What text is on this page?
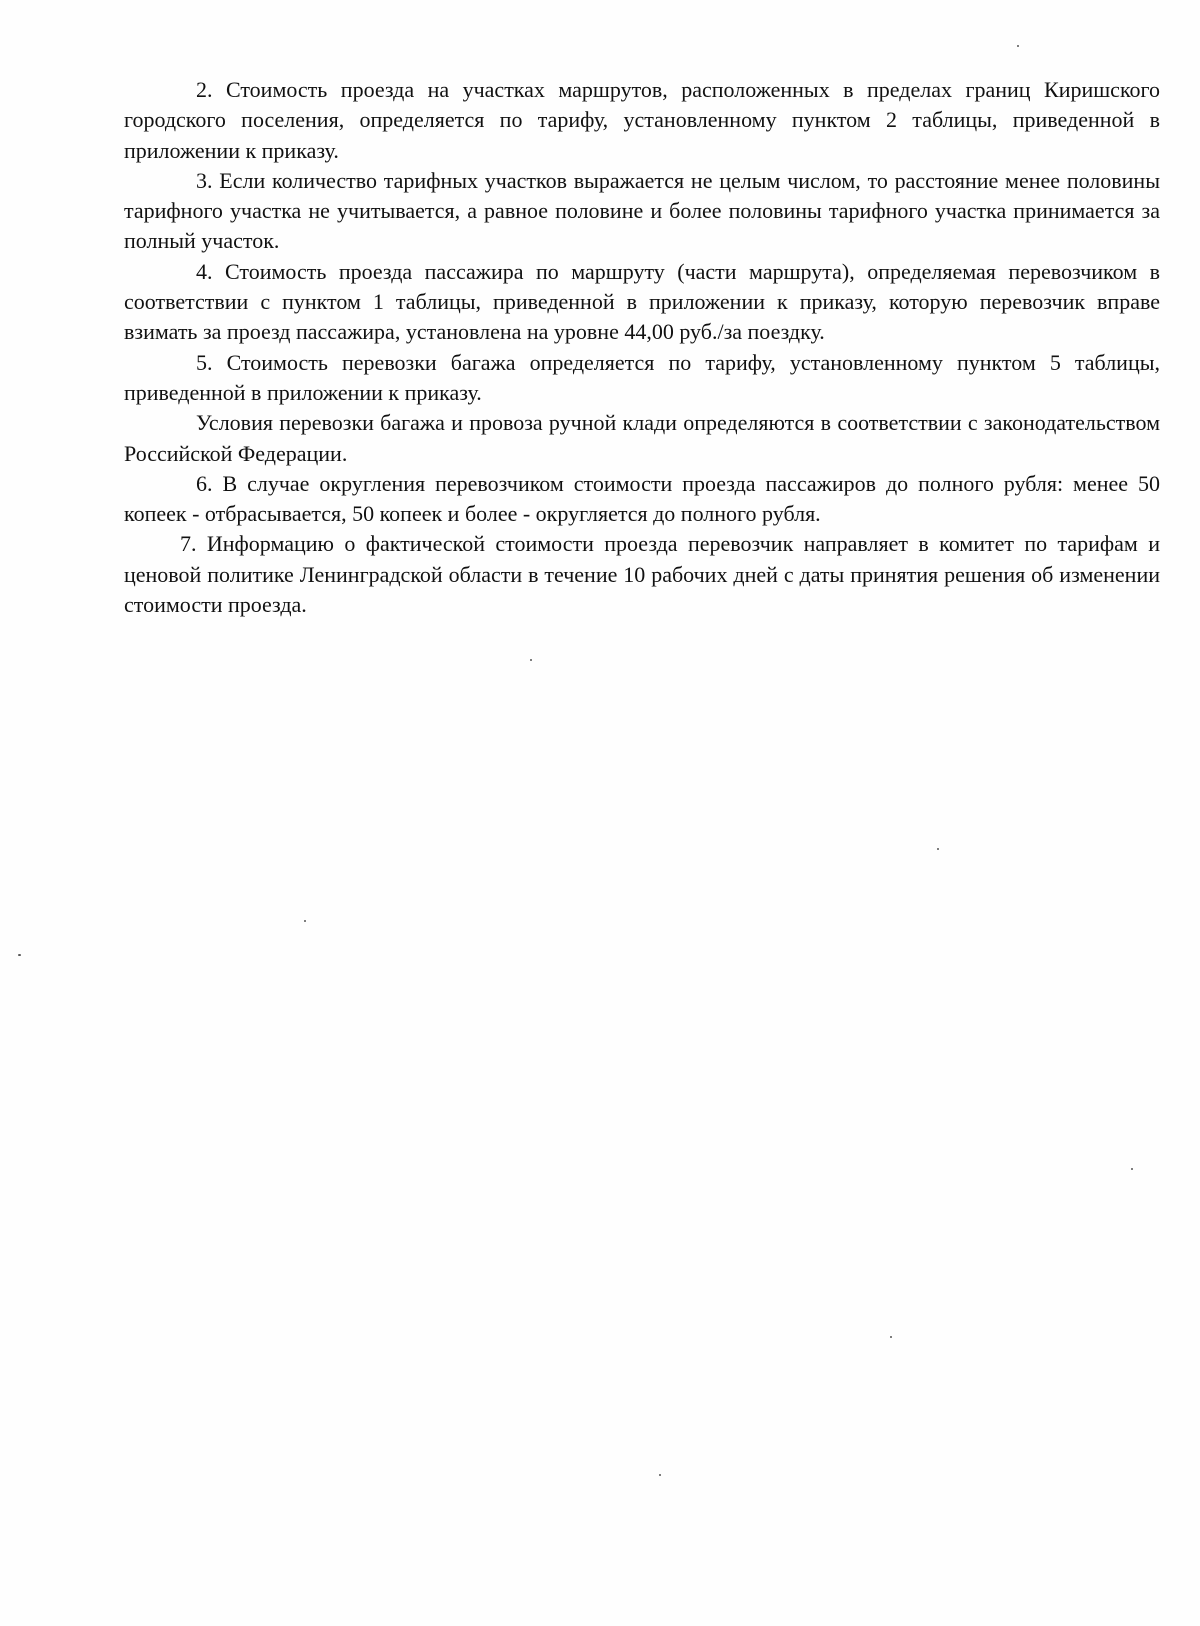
2. Стоимость проезда на участках маршрутов, расположенных в пределах границ Киришского городского поселения, определяется по тарифу, установленному пунктом 2 таблицы, приведенной в приложении к приказу.

3. Если количество тарифных участков выражается не целым числом, то расстояние менее половины тарифного участка не учитывается, а равное половине и более половины тарифного участка принимается за полный участок.

4. Стоимость проезда пассажира по маршруту (части маршрута), определяемая перевозчиком в соответствии с пунктом 1 таблицы, приведенной в приложении к приказу, которую перевозчик вправе взимать за проезд пассажира, установлена на уровне 44,00 руб./за поездку.

5. Стоимость перевозки багажа определяется по тарифу, установленному пунктом 5 таблицы, приведенной в приложении к приказу.

Условия перевозки багажа и провоза ручной клади определяются в соответствии с законодательством Российской Федерации.

6. В случае округления перевозчиком стоимости проезда пассажиров до полного рубля: менее 50 копеек - отбрасывается, 50 копеек и более - округляется до полного рубля.

7. Информацию о фактической стоимости проезда перевозчик направляет в комитет по тарифам и ценовой политике Ленинградской области в течение 10 рабочих дней с даты принятия решения об изменении стоимости проезда.
